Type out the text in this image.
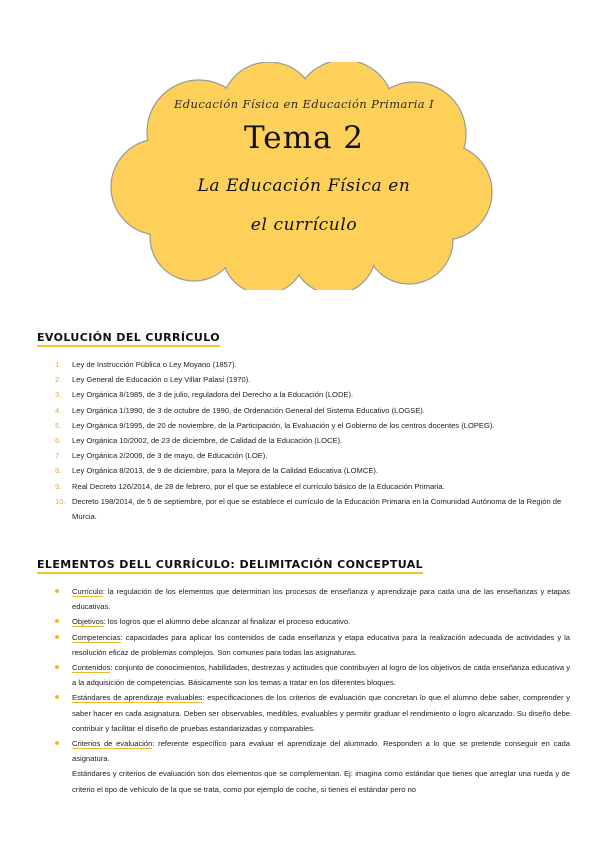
Educación Física en Educación Primaria I
Tema 2
La Educación Física en
el currículo
EVOLUCIÓN DEL CURRÍCULO
1. Ley de Instrucción Pública o Ley Moyano (1857).
2. Ley General de Educación o Ley Villar Palasí (1970).
3. Ley Orgánica 8/1985, de 3 de julio, reguladora del Derecho a la Educación (LODE).
4. Ley Orgánica 1/1990, de 3 de octubre de 1990, de Ordenación General del Sistema Educativo (LOGSE).
5. Ley Orgánica 9/1995, de 20 de noviembre, de la Participación, la Evaluación y el Gobierno de los centros docentes (LOPEG).
6. Ley Orgánica 10/2002, de 23 de diciembre, de Calidad de la Educación (LOCE).
7. Ley Orgánica 2/2006, de 3 de mayo, de Educación (LOE).
8. Ley Orgánica 8/2013, de 9 de diciembre, para la Mejora de la Calidad Educativa (LOMCE).
9. Real Decreto 126/2014, de 28 de febrero, por el que se establece el currículo básico de la Educación Primaria.
10. Decreto 198/2014, de 5 de septiembre, por el que se establece el currículo de la Educación Primaria en la Comunidad Autónoma de la Región de Murcia.
ELEMENTOS DELL CURRÍCULO: DELIMITACIÓN CONCEPTUAL
Currículo: la regulación de los elementos que determinan los procesos de enseñanza y aprendizaje para cada una de las enseñanzas y etapas educativas.
Objetivos: los logros que el alumno debe alcanzar al finalizar el proceso educativo.
Competencias: capacidades para aplicar los contenidos de cada enseñanza y etapa educativa para la realización adecuada de actividades y la resolución eficaz de problemas complejos. Son comunes para todas las asignaturas.
Contenidos: conjunto de conocimientos, habilidades, destrezas y actitudes que contribuyen al logro de los objetivos de cada enseñanza educativa y a la adquisición de competencias. Básicamente son los temas a tratar en los diferentes bloques.
Estándares de aprendizaje evaluables: especificaciones de los criterios de evaluación que concretan lo que el alumno debe saber, comprender y saber hacer en cada asignatura. Deben ser observables, medibles, evaluables y permitir graduar el rendimiento o logro alcanzado. Su diseño debe contribuir y facilitar el diseño de pruebas estandarizadas y comparables.
Criterios de evaluación: referente específico para evaluar el aprendizaje del alumnado. Responden a lo que se pretende conseguir en cada asignatura.
Estándares y criterios de evaluación son dos elementos que se complementan. Ej: imagina como estándar que tienes que arreglar una rueda y de criterio el tipo de vehículo de la que se trata, como por ejemplo de coche, si tienes el estándar pero no
